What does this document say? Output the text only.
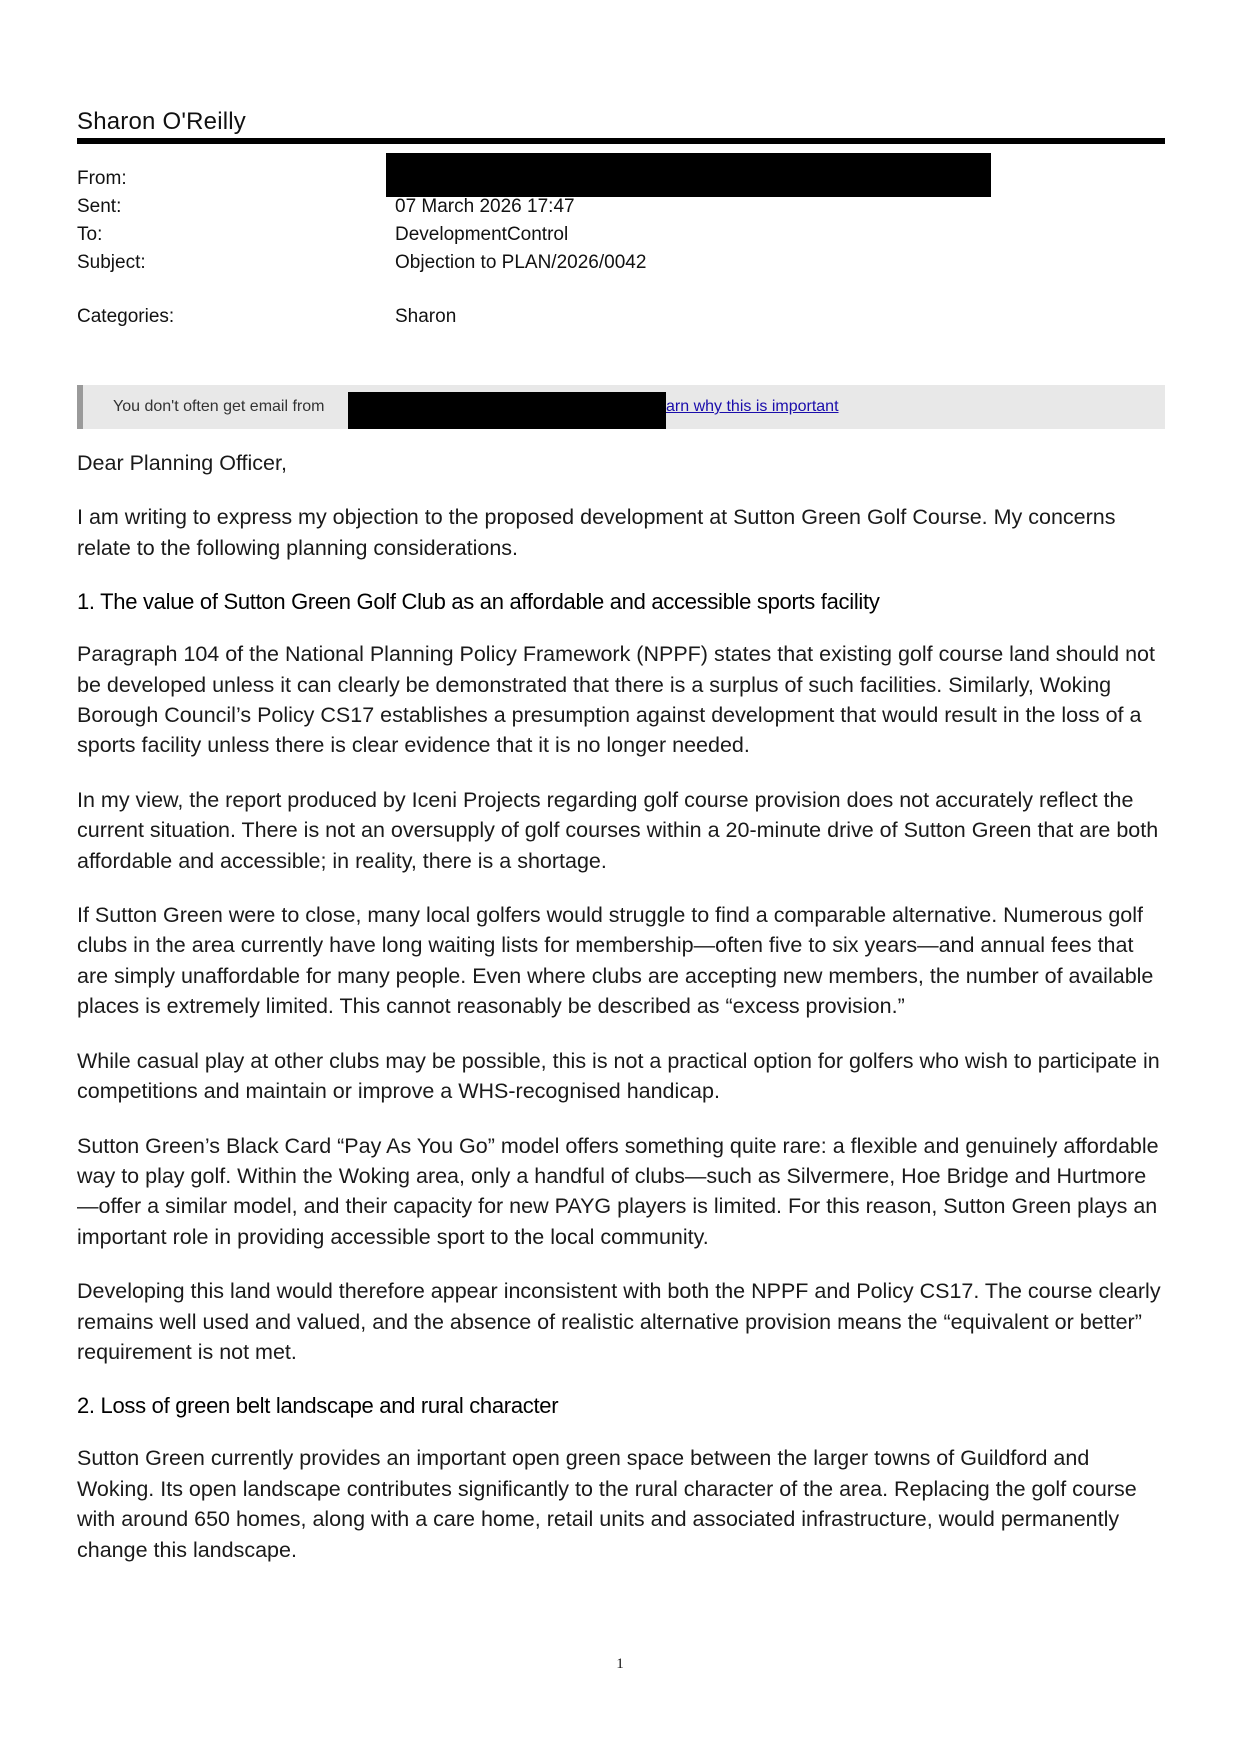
Sharon O'Reilly
From:
Sent:	07 March 2026 17:47
To:	DevelopmentControl
Subject:	Objection to PLAN/2026/0042
Categories:	Sharon
You don't often get email from	arn why this is important

Dear Planning Officer,

I am writing to express my objection to the proposed development at Sutton Green Golf Course. My concerns relate to the following planning considerations.

1. The value of Sutton Green Golf Club as an affordable and accessible sports facility

Paragraph 104 of the National Planning Policy Framework (NPPF) states that existing golf course land should not be developed unless it can clearly be demonstrated that there is a surplus of such facilities. Similarly, Woking Borough Council’s Policy CS17 establishes a presumption against development that would result in the loss of a sports facility unless there is clear evidence that it is no longer needed.

In my view, the report produced by Iceni Projects regarding golf course provision does not accurately reflect the current situation. There is not an oversupply of golf courses within a 20-minute drive of Sutton Green that are both affordable and accessible; in reality, there is a shortage.

If Sutton Green were to close, many local golfers would struggle to find a comparable alternative. Numerous golf clubs in the area currently have long waiting lists for membership—often five to six years—and annual fees that are simply unaffordable for many people. Even where clubs are accepting new members, the number of available places is extremely limited. This cannot reasonably be described as “excess provision.”

While casual play at other clubs may be possible, this is not a practical option for golfers who wish to participate in competitions and maintain or improve a WHS-recognised handicap.

Sutton Green’s Black Card “Pay As You Go” model offers something quite rare: a flexible and genuinely affordable way to play golf. Within the Woking area, only a handful of clubs—such as Silvermere, Hoe Bridge and Hurtmore—offer a similar model, and their capacity for new PAYG players is limited. For this reason, Sutton Green plays an important role in providing accessible sport to the local community.

Developing this land would therefore appear inconsistent with both the NPPF and Policy CS17. The course clearly remains well used and valued, and the absence of realistic alternative provision means the “equivalent or better” requirement is not met.

2. Loss of green belt landscape and rural character

Sutton Green currently provides an important open green space between the larger towns of Guildford and Woking. Its open landscape contributes significantly to the rural character of the area. Replacing the golf course with around 650 homes, along with a care home, retail units and associated infrastructure, would permanently change this landscape.

1
